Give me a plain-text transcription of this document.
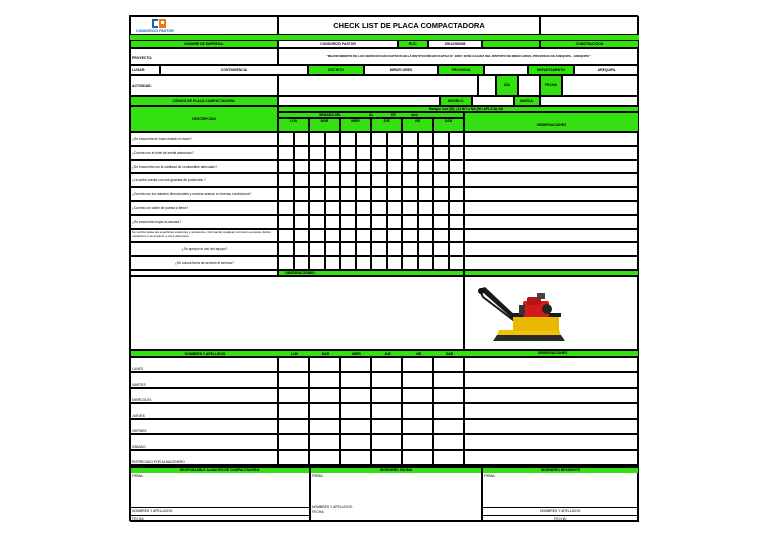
CONSORCIO PASTOR
CHECK LIST DE PLACA COMPACTADORA
NOMBRE DE EMPRESA:	CONSORCIO PASTOR	RUC:	20612383098	CONSTRUCCION
PROYECTO:	"MEJORAMIENTO DE LOS SERVICIOS EDUCATIVOS EN LA INSTITUCIÓN EDUCATIVA N° 40207 JOSÉ GALVEZ DEL DISTRITO DE MIRAFLORES, PROVINCIA DE AREQUIPA - AREQUIPA"
LUGAR:	CONTINGENCIA	DISTRITO	MIRAFLORES	PROVINCIA	DEPARTAMENTO	AREQUIPA
ACTIVIDAD:	DÍA	FECHA
CÓDIGO DE PLACA COMPACTADORA:	MODELO:	MARCA:
DESCRIPCIÓN
Marque con (Si), (X) NO o NA (NO APLICA) NA
SEMANA DEL	AL	DE	mes
OBSERVACIONES
LUN	MAR	MIER	JUE	VIE	SAB
¿Se encuentra en buen estado el motor?
¿Cuenta con el nivel de aceite adecuado?
¿Se encuentra con la cantidad de combustible adecuado?
¿La poles cuenta con sus guardas de protección ?
¿Cuenta con los mandos direccionales y marcha avance en buenas condiciones?
¿Cuenta con cable de puesta a tierra?
¿Se encuentra limpia la carcasa?
Se verificó todas las superficies exteriores y accesorios, informando cualquier corrosión excesiva, daños mecánicos o de impacto u otros deterioros.
¿Se apropio el uso del equipo?
¿Se coloca fuera de servicio el servicio?
OBSERVACIONES:
NOMBRES Y APELLIDOS	LUN	MAR	MIER	JUE	VIE	SAB	OBSERVACIONES
LUNES
MARTES
MIERCOLES
JUEVES
VIERNES
SÁBADO
ENTREGADO POR ALMACENERO
RESPONSABLE ALMACEN DE COMPACTADORA:
FIRMA:
NOMBRES Y APELLIDOS:
FECHA:
INGENIERO SSOMA
FIRMA:
NOMBRES Y APELLIDOS:
FECHA:
INGENIERO RESIDENTE
FIRMA:
NOMBRES Y APELLIDOS:
FECHA:
